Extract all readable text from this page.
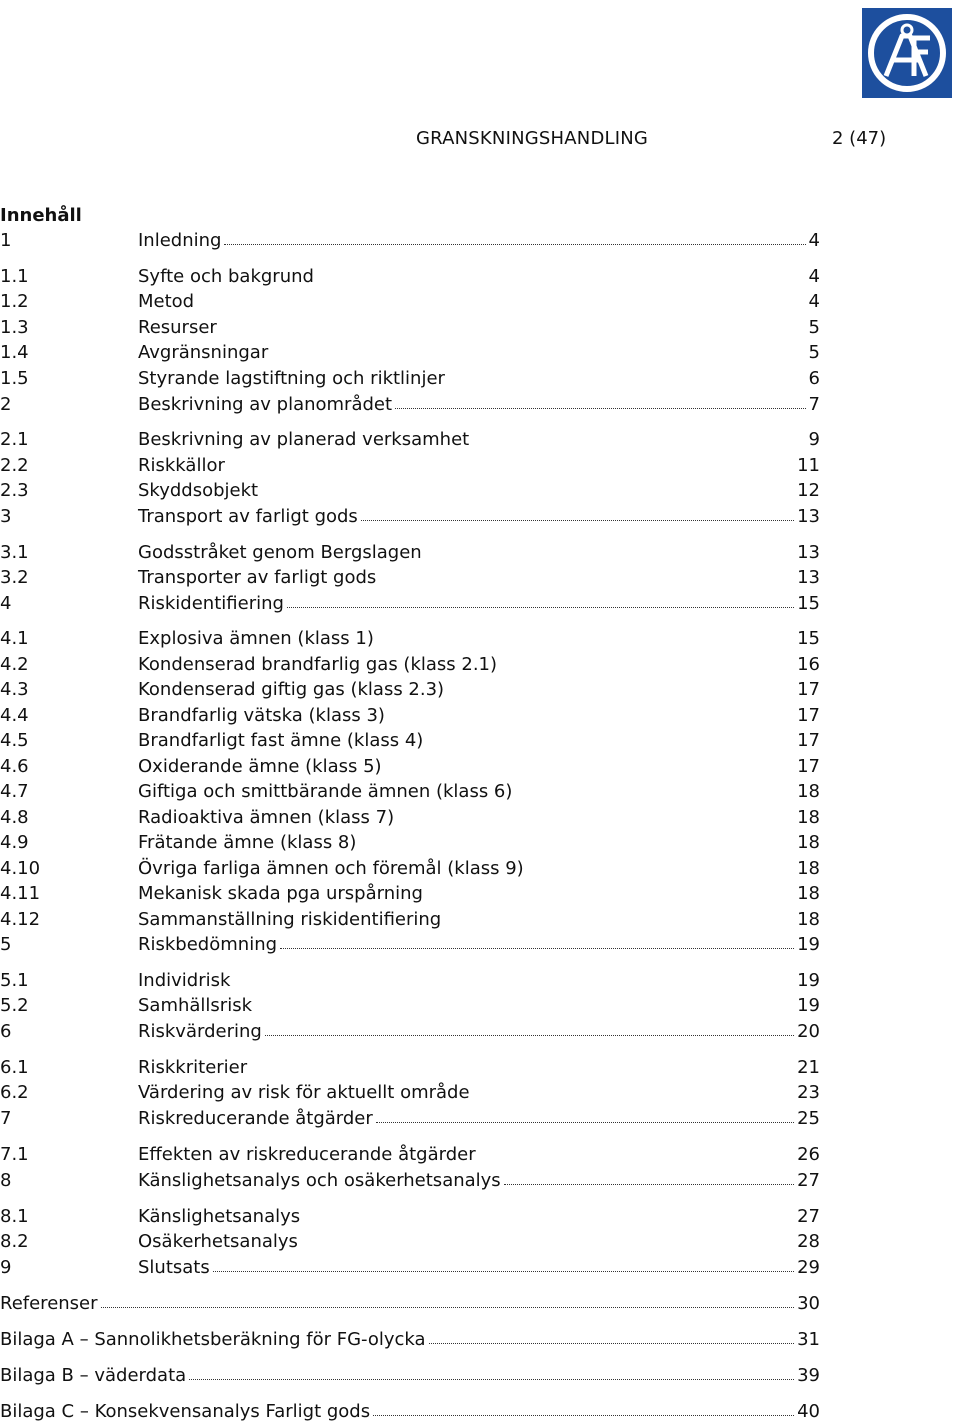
GRANSKNINGSHANDLING	2 (47)
Innehåll
1	Inledning	4
1.1	Syfte och bakgrund	4
1.2	Metod	4
1.3	Resurser	5
1.4	Avgränsningar	5
1.5	Styrande lagstiftning och riktlinjer	6
2	Beskrivning av planområdet	7
2.1	Beskrivning av planerad verksamhet	9
2.2	Riskkällor	11
2.3	Skyddsobjekt	12
3	Transport av farligt gods	13
3.1	Godsstråket genom Bergslagen	13
3.2	Transporter av farligt gods	13
4	Riskidentifiering	15
4.1	Explosiva ämnen (klass 1)	15
4.2	Kondenserad brandfarlig gas (klass 2.1)	16
4.3	Kondenserad giftig gas (klass 2.3)	17
4.4	Brandfarlig vätska (klass 3)	17
4.5	Brandfarligt fast ämne (klass 4)	17
4.6	Oxiderande ämne (klass 5)	17
4.7	Giftiga och smittbärande ämnen (klass 6)	18
4.8	Radioaktiva ämnen (klass 7)	18
4.9	Frätande ämne (klass 8)	18
4.10	Övriga farliga ämnen och föremål (klass 9)	18
4.11	Mekanisk skada pga urspårning	18
4.12	Sammanställning riskidentifiering	18
5	Riskbedömning	19
5.1	Individrisk	19
5.2	Samhällsrisk	19
6	Riskvärdering	20
6.1	Riskkriterier	21
6.2	Värdering av risk för aktuellt område	23
7	Riskreducerande åtgärder	25
7.1	Effekten av riskreducerande åtgärder	26
8	Känslighetsanalys och osäkerhetsanalys	27
8.1	Känslighetsanalys	27
8.2	Osäkerhetsanalys	28
9	Slutsats	29
Referenser	30
Bilaga A – Sannolikhetsberäkning för FG-olycka	31
Bilaga B – väderdata	39
Bilaga C – Konsekvensanalys Farligt gods	40
